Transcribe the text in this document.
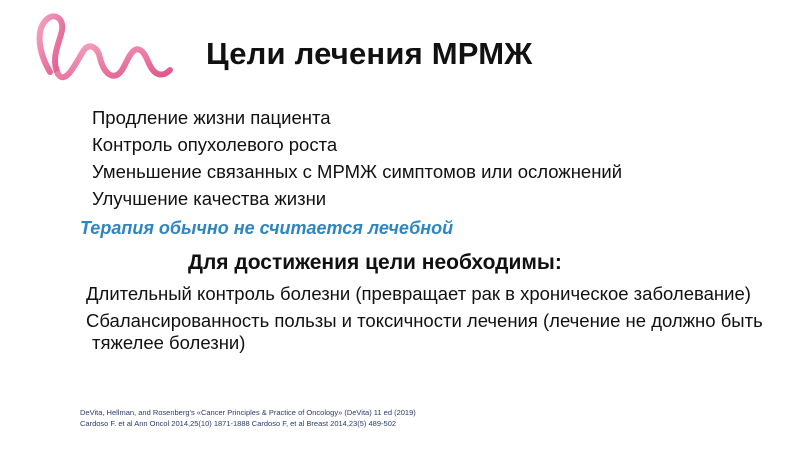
Цели лечения МРМЖ
Продление жизни пациента
Контроль опухолевого роста
Уменьшение связанных с МРМЖ симптомов или осложнений
Улучшение качества жизни
Терапия обычно не считается лечебной
Для достижения цели необходимы:
Длительный контроль болезни (превращает рак в хроническое заболевание)
Сбалансированность пользы и токсичности лечения (лечение не должно быть тяжелее болезни)
DeVita, Hellman, and Rosenberg's «Cancer Principles & Practice of Oncology» (DeVita) 11 ed (2019)
Cardoso F. et al Ann Oncol 2014,25(10) 1871-1888 Cardoso F, et al Breast 2014,23(5) 489-502
